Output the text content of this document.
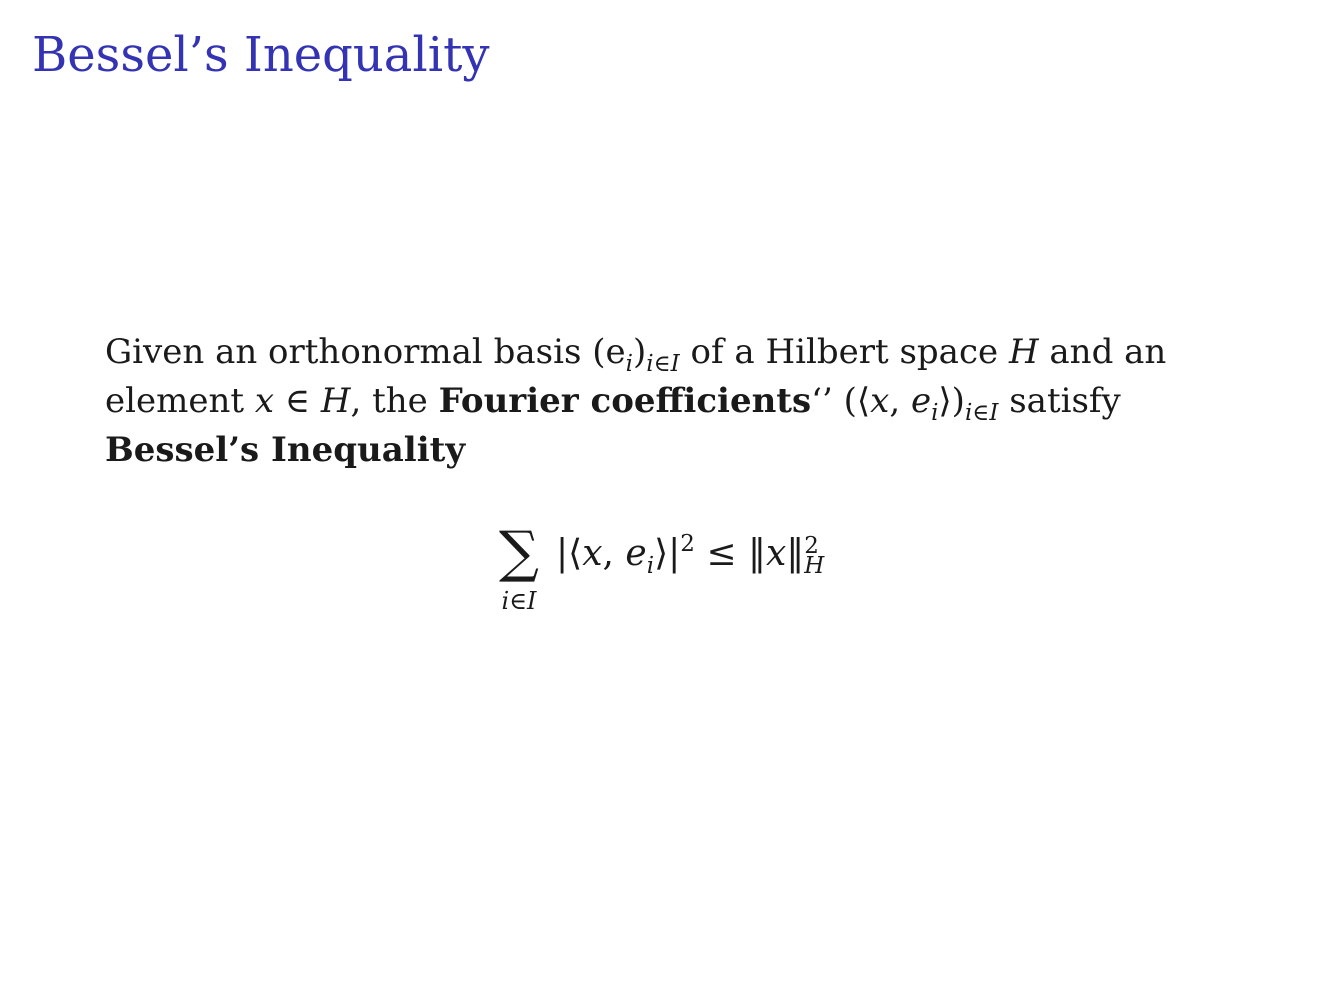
Bessel’s Inequality

Given an orthonormal basis $(e_i)_{i\in I}$ of a Hilbert space H and an

element x ∈ H, the Fourier coefficients‘’ (⟨x, $e_i⟩)_{i\in I}$ satisfy

Bessel’s Inequality

∑
i∈I
|⟨x, $e_i⟩|^2$ ≤ ‖x‖ 2
H
